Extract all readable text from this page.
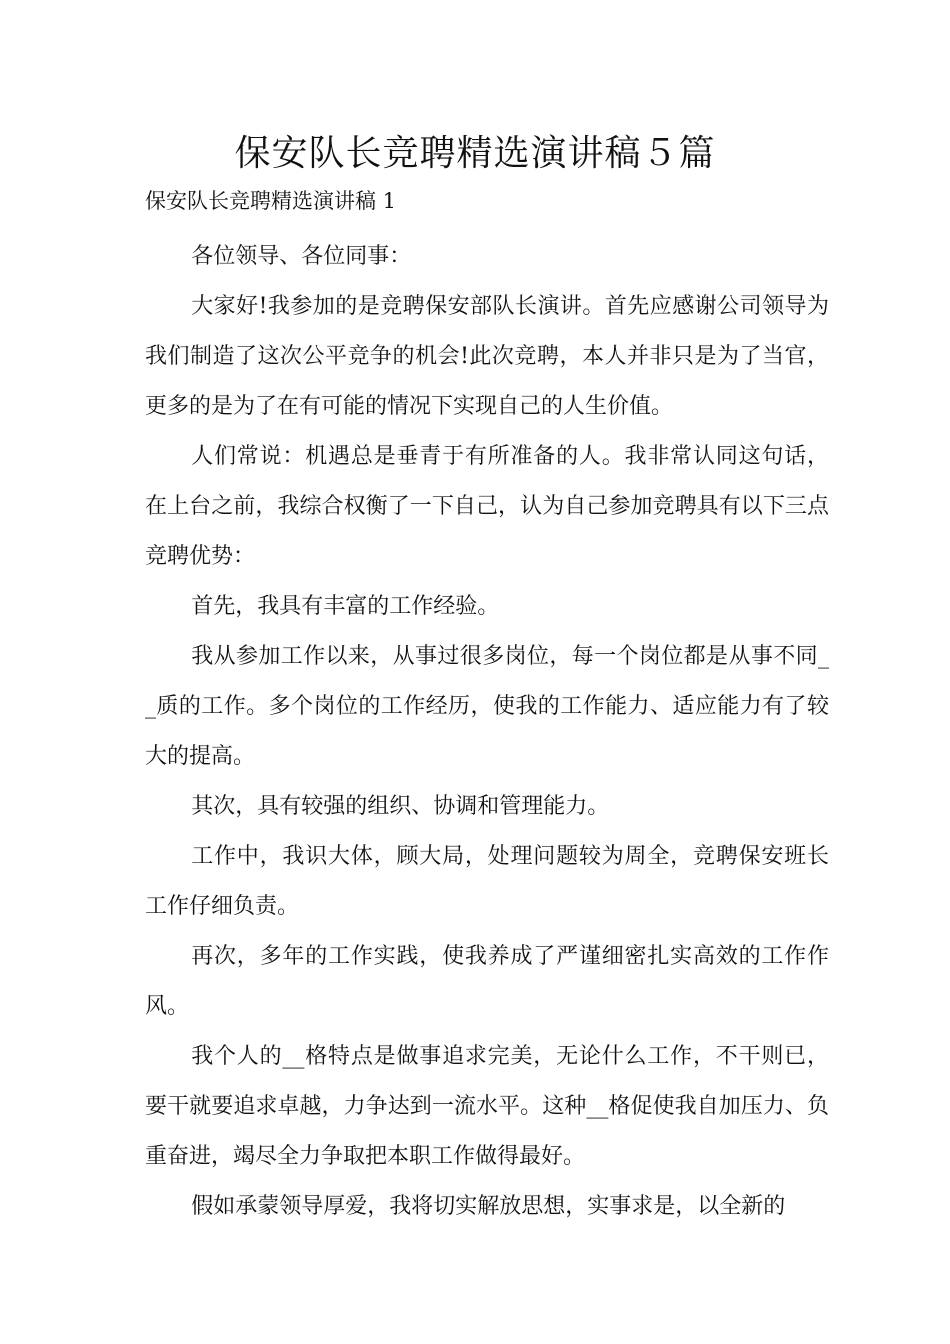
保安队长竞聘精选演讲稿５篇

保安队长竞聘精选演讲稿 1

各位领导、各位同事：

大家好!我参加的是竞聘保安部队长演讲。首先应感谢公司领导为我们制造了这次公平竞争的机会!此次竞聘，本人并非只是为了当官，更多的是为了在有可能的情况下实现自己的人生价值。

人们常说：机遇总是垂青于有所准备的人。我非常认同这句话，在上台之前，我综合权衡了一下自己，认为自己参加竞聘具有以下三点竞聘优势：

首先，我具有丰富的工作经验。

我从参加工作以来，从事过很多岗位，每一个岗位都是从事不同__质的工作。多个岗位的工作经历，使我的工作能力、适应能力有了较大的提高。

其次，具有较强的组织、协调和管理能力。

工作中，我识大体，顾大局，处理问题较为周全，竞聘保安班长工作仔细负责。

再次，多年的工作实践，使我养成了严谨细密扎实高效的工作作风。

我个人的__格特点是做事追求完美，无论什么工作，不干则已，要干就要追求卓越，力争达到一流水平。这种__格促使我自加压力、负重奋进，竭尽全力争取把本职工作做得最好。

假如承蒙领导厚爱，我将切实解放思想，实事求是，以全新的
